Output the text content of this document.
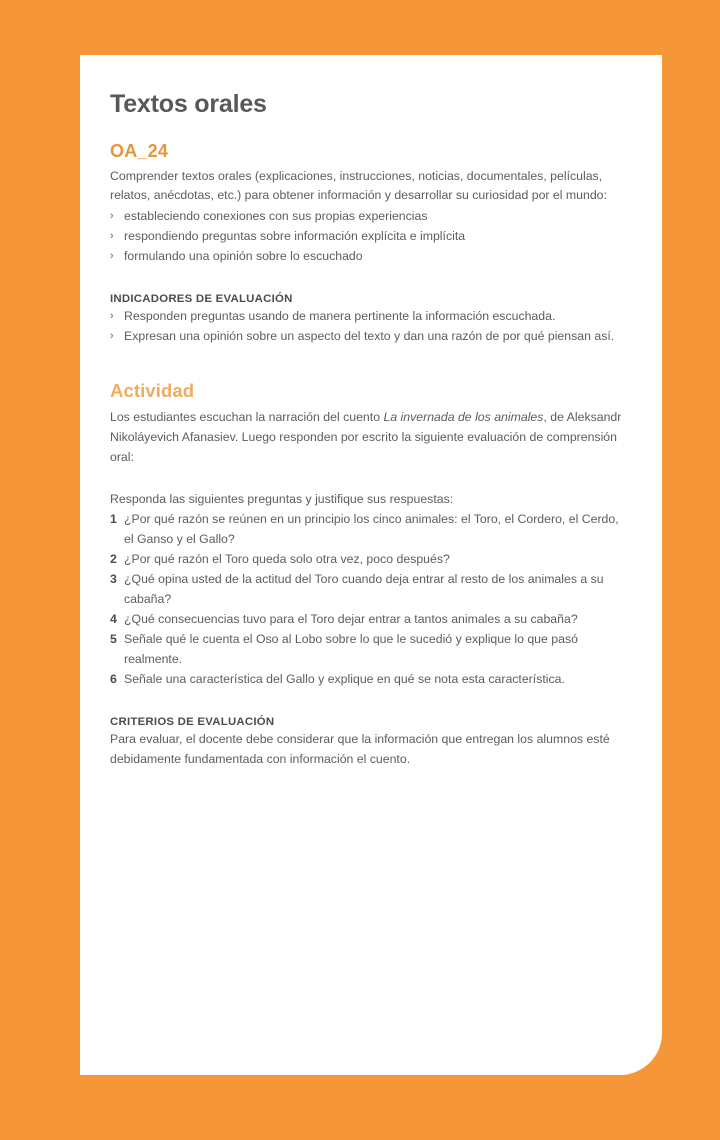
Textos orales
OA_24

Comprender textos orales (explicaciones, instrucciones, noticias, documentales, películas, relatos, anécdotas, etc.) para obtener información y desarrollar su curiosidad por el mundo:

› estableciendo conexiones con sus propias experiencias
› respondiendo preguntas sobre información explícita e implícita
› formulando una opinión sobre lo escuchado
INDICADORES DE EVALUACIÓN
› Responden preguntas usando de manera pertinente la información escuchada.
› Expresan una opinión sobre un aspecto del texto y dan una razón de por qué piensan así.
Actividad

Los estudiantes escuchan la narración del cuento La invernada de los animales, de Aleksandr Nikoláyevich Afanasiev. Luego responden por escrito la siguiente evaluación de comprensión oral:

Responda las siguientes preguntas y justifique sus respuestas:

1 ¿Por qué razón se reúnen en un principio los cinco animales: el Toro, el Cordero, el Cerdo, el Ganso y el Gallo?
2 ¿Por qué razón el Toro queda solo otra vez, poco después?
3 ¿Qué opina usted de la actitud del Toro cuando deja entrar al resto de los animales a su cabaña?
4 ¿Qué consecuencias tuvo para el Toro dejar entrar a tantos animales a su cabaña?
5 Señale qué le cuenta el Oso al Lobo sobre lo que le sucedió y explique lo que pasó realmente.
6 Señale una característica del Gallo y explique en qué se nota esta característica.
CRITERIOS DE EVALUACIÓN

Para evaluar, el docente debe considerar que la información que entregan los alumnos esté debidamente fundamentada con información el cuento.
